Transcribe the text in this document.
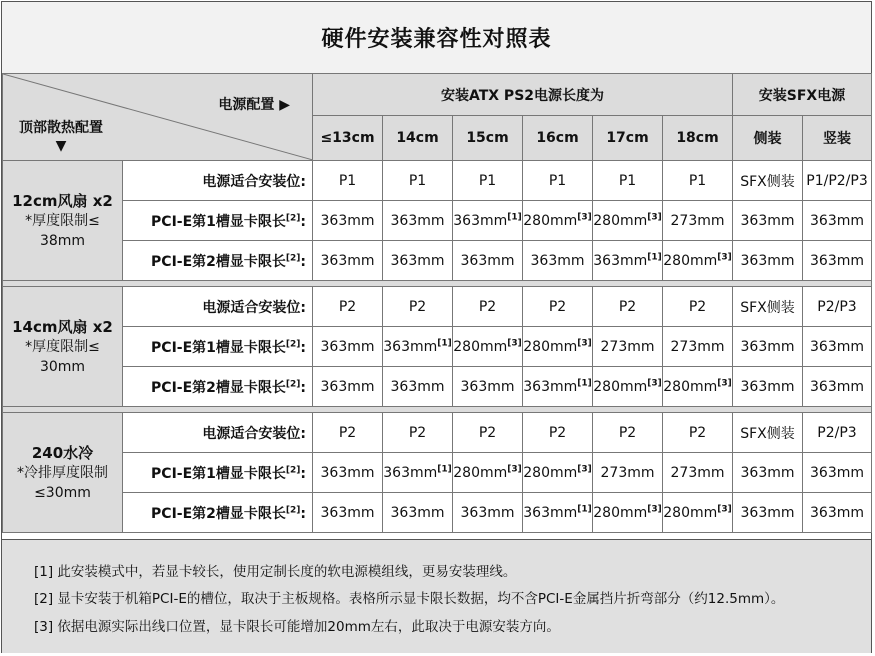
硬件安装兼容性对照表
电源配置 ▶
顶部散热配置
▼		安装ATX PS2电源长度为						安装SFX电源	
		≤13cm	14cm	15cm	16cm	17cm	18cm	侧装	竖装

12cm风扇 x2
*厚度限制≤
38mm	电源适合安装位:	P1	P1	P1	P1	P1	P1	SFX侧装	P1/P2/P3
	PCI-E第1槽显卡限长[2]:	363mm	363mm	363mm[1]	280mm[3]	280mm[3]	273mm	363mm	363mm
	PCI-E第2槽显卡限长[2]:	363mm	363mm	363mm	363mm	363mm[1]	280mm[3]	363mm	363mm

14cm风扇 x2
*厚度限制≤
30mm	电源适合安装位:	P2	P2	P2	P2	P2	P2	SFX侧装	P2/P3
	PCI-E第1槽显卡限长[2]:	363mm	363mm[1]	280mm[3]	280mm[3]	273mm	273mm	363mm	363mm
	PCI-E第2槽显卡限长[2]:	363mm	363mm	363mm	363mm[1]	280mm[3]	280mm[3]	363mm	363mm

240水冷
*冷排厚度限制
≤30mm	电源适合安装位:	P2	P2	P2	P2	P2	P2	SFX侧装	P2/P3
	PCI-E第1槽显卡限长[2]:	363mm	363mm[1]	280mm[3]	280mm[3]	273mm	273mm	363mm	363mm
	PCI-E第2槽显卡限长[2]:	363mm	363mm	363mm	363mm[1]	280mm[3]	280mm[3]	363mm	363mm
[1] 此安装模式中，若显卡较长，使用定制长度的软电源模组线，更易安装理线。
[2] 显卡安装于机箱PCI-E的槽位，取决于主板规格。表格所示显卡限长数据，均不含PCI-E金属挡片折弯部分（约12.5mm）。
[3] 依据电源实际出线口位置，显卡限长可能增加20mm左右，此取决于电源安装方向。
